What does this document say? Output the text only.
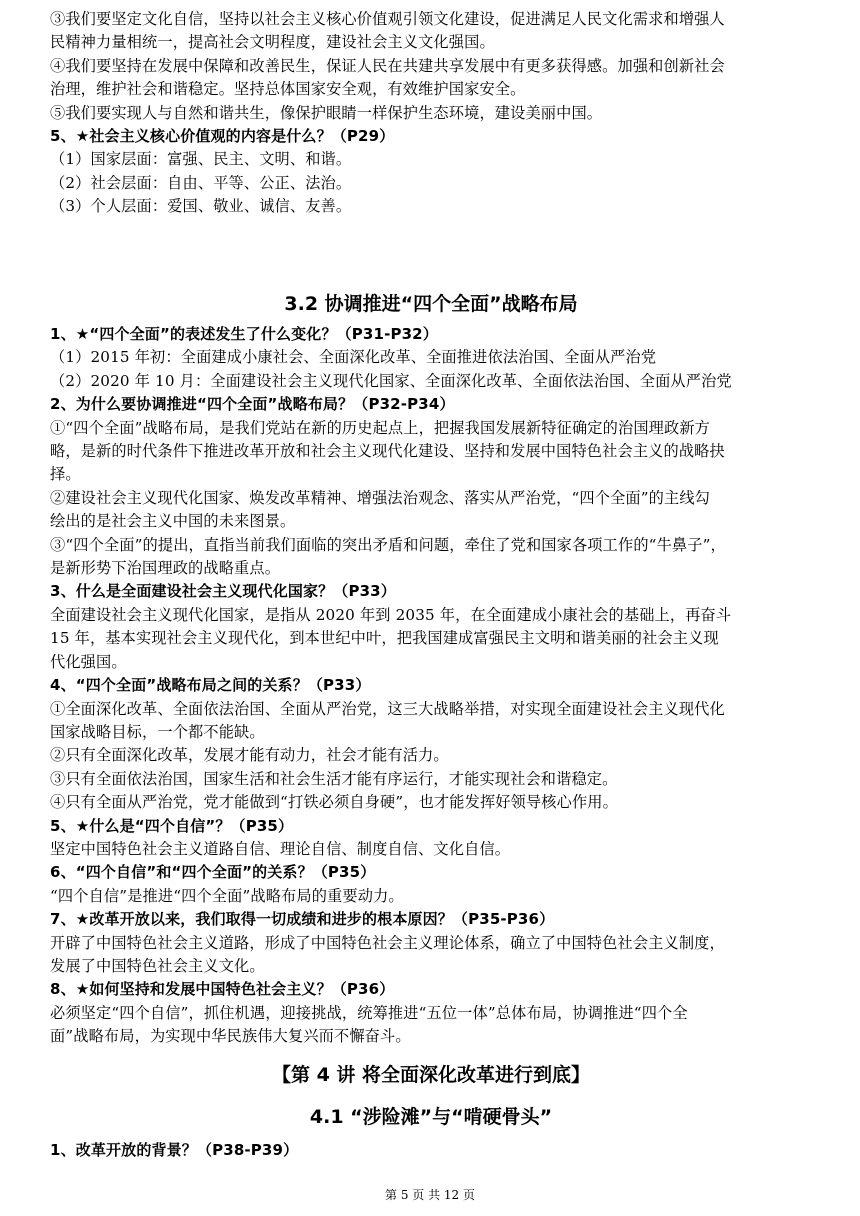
③我们要坚定文化自信，坚持以社会主义核心价值观引领文化建设，促进满足人民文化需求和增强人
民精神力量相统一，提高社会文明程度，建设社会主义文化强国。
④我们要坚持在发展中保障和改善民生，保证人民在共建共享发展中有更多获得感。加强和创新社会
治理，维护社会和谐稳定。坚持总体国家安全观，有效维护国家安全。
⑤我们要实现人与自然和谐共生，像保护眼睛一样保护生态环境，建设美丽中国。
5、★社会主义核心价值观的内容是什么？（P29）
（1）国家层面：富强、民主、文明、和谐。
（2）社会层面：自由、平等、公正、法治。
（3）个人层面：爱国、敬业、诚信、友善。
3.2 协调推进“四个全面”战略布局
1、★“四个全面”的表述发生了什么变化？（P31-P32）
（1）2015 年初：全面建成小康社会、全面深化改革、全面推进依法治国、全面从严治党
（2）2020 年 10 月：全面建设社会主义现代化国家、全面深化改革、全面依法治国、全面从严治党
2、为什么要协调推进“四个全面”战略布局？（P32-P34）
①“四个全面”战略布局，是我们党站在新的历史起点上，把握我国发展新特征确定的治国理政新方
略，是新的时代条件下推进改革开放和社会主义现代化建设、坚持和发展中国特色社会主义的战略抉
择。
②建设社会主义现代化国家、焕发改革精神、增强法治观念、落实从严治党，“四个全面”的主线勾
绘出的是社会主义中国的未来图景。
③“四个全面”的提出，直指当前我们面临的突出矛盾和问题，牵住了党和国家各项工作的“牛鼻子”，
是新形势下治国理政的战略重点。
3、什么是全面建设社会主义现代化国家？（P33）
全面建设社会主义现代化国家，是指从 2020 年到 2035 年，在全面建成小康社会的基础上，再奋斗
15 年，基本实现社会主义现代化，到本世纪中叶，把我国建成富强民主文明和谐美丽的社会主义现
代化强国。
4、“四个全面”战略布局之间的关系？（P33）
①全面深化改革、全面依法治国、全面从严治党，这三大战略举措，对实现全面建设社会主义现代化
国家战略目标，一个都不能缺。
②只有全面深化改革，发展才能有动力，社会才能有活力。
③只有全面依法治国，国家生活和社会生活才能有序运行，才能实现社会和谐稳定。
④只有全面从严治党，党才能做到“打铁必须自身硬”，也才能发挥好领导核心作用。
5、★什么是“四个自信”？（P35）
坚定中国特色社会主义道路自信、理论自信、制度自信、文化自信。
6、“四个自信”和“四个全面”的关系？（P35）
“四个自信”是推进“四个全面”战略布局的重要动力。
7、★改革开放以来，我们取得一切成绩和进步的根本原因？（P35-P36）
开辟了中国特色社会主义道路，形成了中国特色社会主义理论体系，确立了中国特色社会主义制度，
发展了中国特色社会主义文化。
8、★如何坚持和发展中国特色社会主义？（P36）
必须坚定“四个自信”，抓住机遇，迎接挑战，统筹推进“五位一体”总体布局，协调推进“四个全
面”战略布局，为实现中华民族伟大复兴而不懈奋斗。
【第 4 讲 将全面深化改革进行到底】
4.1 “涉险滩”与“啃硬骨头”
1、改革开放的背景？（P38-P39）
第 5 页 共 12 页
